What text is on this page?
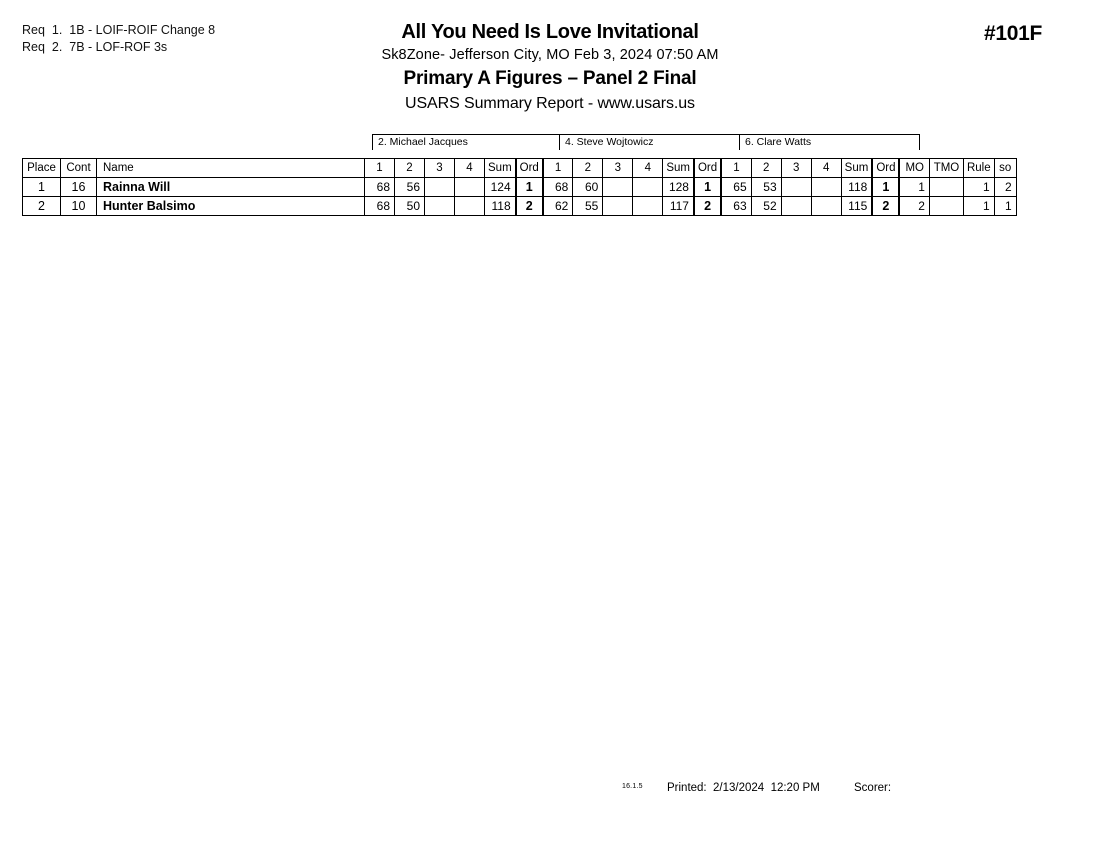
Req  1.  1B - LOIF-ROIF Change 8
Req  2.  7B - LOF-ROF 3s
All You Need Is Love Invitational
Sk8Zone- Jefferson City, MO Feb 3, 2024 07:50 AM
Primary A Figures – Panel 2 Final
USARS Summary Report - www.usars.us
#101F
2. Michael Jacques	4. Steve Wojtowicz	6. Clare Watts
Place	Cont	Name	1	2	3	4	Sum	Ord	1	2	3	4	Sum	Ord	1	2	3	4	Sum	Ord	MO	TMO	Rule	so
1	16	Rainna Will	68	56			124	1	68	60			128	1	65	53			118	1	1		1	2
2	10	Hunter Balsimo	68	50			118	2	62	55			117	2	63	52			115	2	2		1	1
16.1.5 Printed:  2/13/2024  12:20 PM	Scorer:
